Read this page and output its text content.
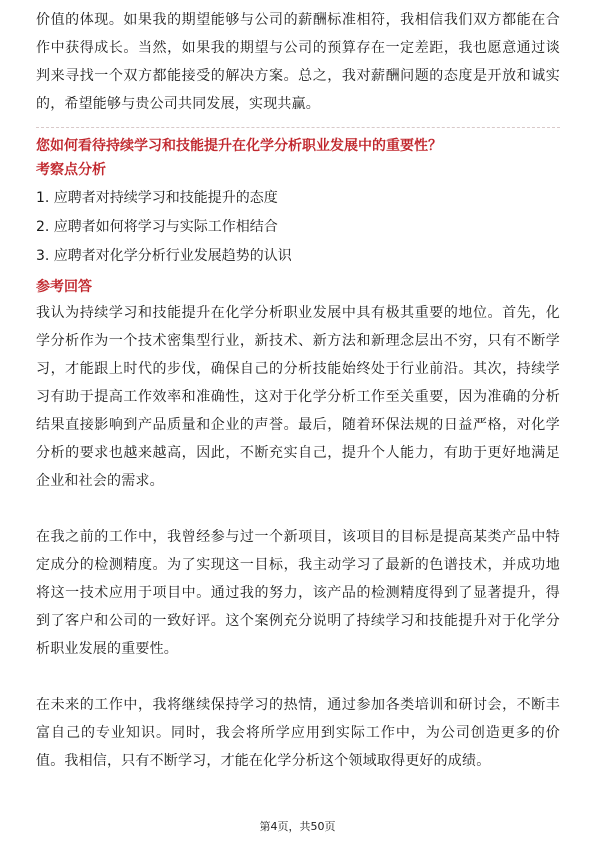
价值的体现。如果我的期望能够与公司的薪酬标准相符，我相信我们双方都能在合作中获得成长。当然，如果我的期望与公司的预算存在一定差距，我也愿意通过谈判来寻找一个双方都能接受的解决方案。总之，我对薪酬问题的态度是开放和诚实的，希望能够与贵公司共同发展，实现共赢。

您如何看待持续学习和技能提升在化学分析职业发展中的重要性？

考察点分析

1. 应聘者对持续学习和技能提升的态度
2. 应聘者如何将学习与实际工作相结合
3. 应聘者对化学分析行业发展趋势的认识

参考回答

我认为持续学习和技能提升在化学分析职业发展中具有极其重要的地位。首先，化学分析作为一个技术密集型行业，新技术、新方法和新理念层出不穷，只有不断学习，才能跟上时代的步伐，确保自己的分析技能始终处于行业前沿。其次，持续学习有助于提高工作效率和准确性，这对于化学分析工作至关重要，因为准确的分析结果直接影响到产品质量和企业的声誉。最后，随着环保法规的日益严格，对化学分析的要求也越来越高，因此，不断充实自己，提升个人能力，有助于更好地满足企业和社会的需求。

在我之前的工作中，我曾经参与过一个新项目，该项目的目标是提高某类产品中特定成分的检测精度。为了实现这一目标，我主动学习了最新的色谱技术，并成功地将这一技术应用于项目中。通过我的努力，该产品的检测精度得到了显著提升，得到了客户和公司的一致好评。这个案例充分说明了持续学习和技能提升对于化学分析职业发展的重要性。

在未来的工作中，我将继续保持学习的热情，通过参加各类培训和研讨会，不断丰富自己的专业知识。同时，我会将所学应用到实际工作中，为公司创造更多的价值。我相信，只有不断学习，才能在化学分析这个领域取得更好的成绩。

第4页，共50页
